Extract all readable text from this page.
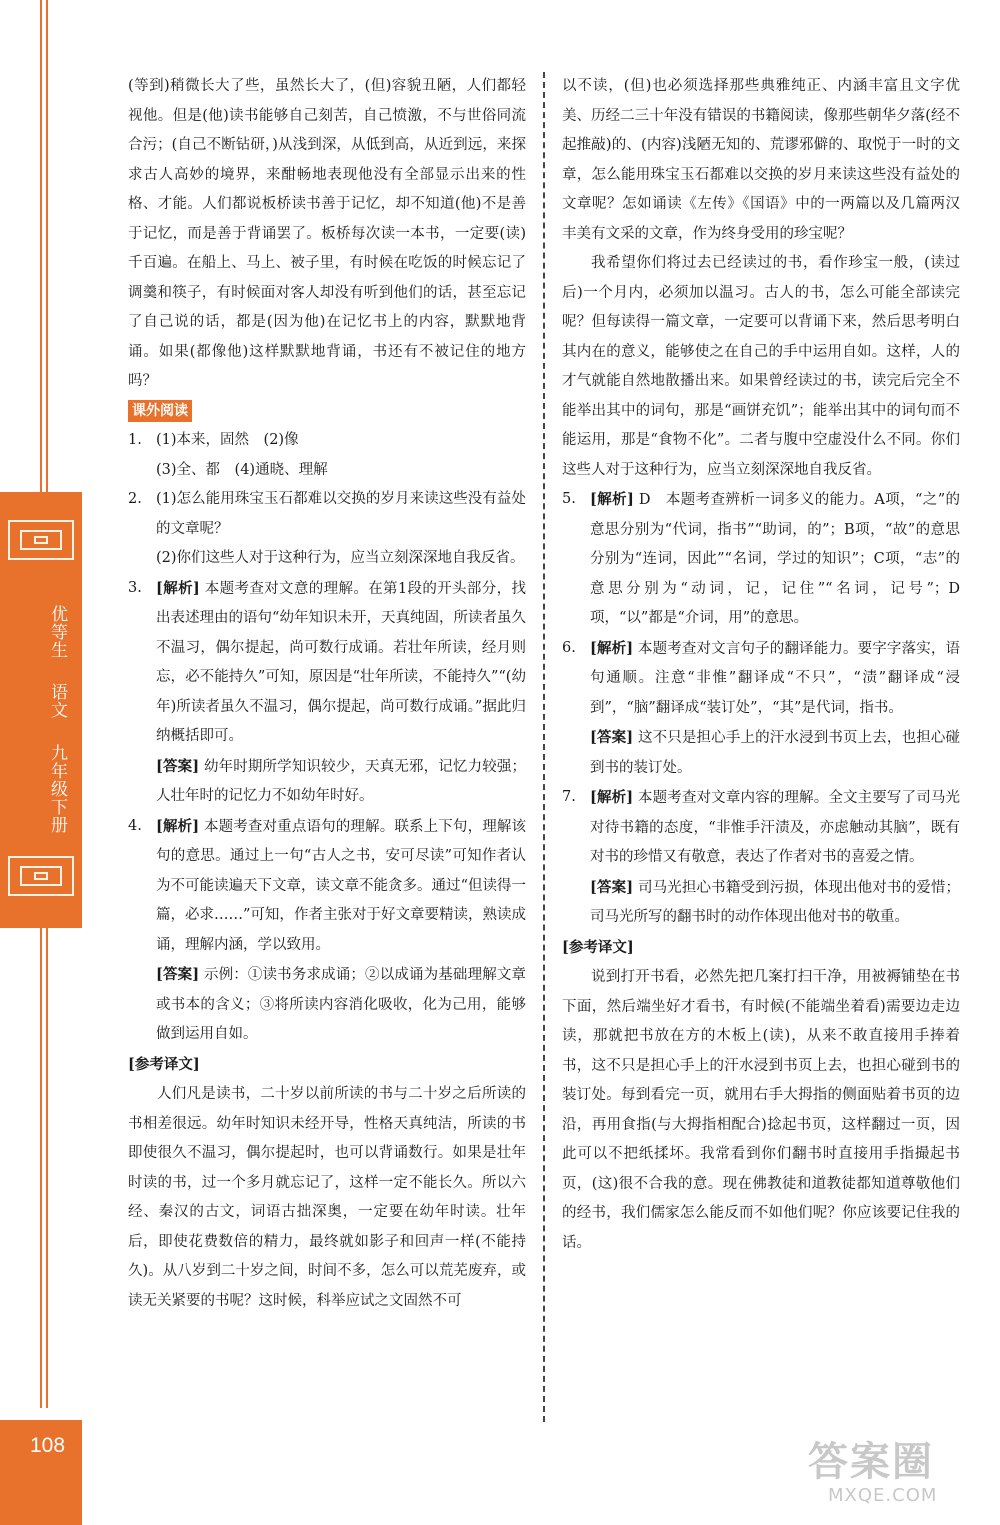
优等生 语文 九年级下册
108

(等到)稍微长大了些，虽然长大了，(但)容貌丑陋，人们都轻视他。但是(他)读书能够自己刻苦，自己愤激，不与世俗同流合污；(自己不断钻研，)从浅到深，从低到高，从近到远，来探求古人高妙的境界，来酣畅地表现他没有全部显示出来的性格、才能。人们都说板桥读书善于记忆，却不知道(他)不是善于记忆，而是善于背诵罢了。板桥每次读一本书，一定要(读)千百遍。在船上、马上、被子里，有时候在吃饭的时候忘记了调羹和筷子，有时候面对客人却没有听到他们的话，甚至忘记了自己说的话，都是(因为他)在记忆书上的内容，默默地背诵。如果(都像他)这样默默地背诵，书还有不被记住的地方吗？

课外阅读
1. (1)本来，固然　(2)像
(3)全、都　(4)通晓、理解
2. (1)怎么能用珠宝玉石都难以交换的岁月来读这些没有益处的文章呢？
(2)你们这些人对于这种行为，应当立刻深深地自我反省。
3. [解析] 本题考查对文意的理解。在第1段的开头部分，找出表述理由的语句“幼年知识未开，天真纯固，所读者虽久不温习，偶尔提起，尚可数行成诵。若壮年所读，经月则忘，必不能持久”可知，原因是“壮年所读，不能持久”“(幼年)所读者虽久不温习，偶尔提起，尚可数行成诵。”据此归纳概括即可。
[答案] 幼年时期所学知识较少，天真无邪，记忆力较强；人壮年时的记忆力不如幼年时好。
4. [解析] 本题考查对重点语句的理解。联系上下句，理解该句的意思。通过上一句“古人之书，安可尽读”可知作者认为不可能读遍天下文章，读文章不能贪多。通过“但读得一篇，必求……”可知，作者主张对于好文章要精读，熟读成诵，理解内涵，学以致用。
[答案] 示例：①读书务求成诵；②以成诵为基础理解文章或书本的含义；③将所读内容消化吸收，化为己用，能够做到运用自如。
[参考译文]

人们凡是读书，二十岁以前所读的书与二十岁之后所读的书相差很远。幼年时知识未经开导，性格天真纯洁，所读的书即使很久不温习，偶尔提起时，也可以背诵数行。如果是壮年时读的书，过一个多月就忘记了，这样一定不能长久。所以六经、秦汉的古文，词语古拙深奥，一定要在幼年时读。壮年后，即使花费数倍的精力，最终就如影子和回声一样(不能持久)。从八岁到二十岁之间，时间不多，怎么可以荒芜废弃，或读无关紧要的书呢？这时候，科举应试之文固然不可

以不读，(但)也必须选择那些典雅纯正、内涵丰富且文字优美、历经二三十年没有错误的书籍阅读，像那些朝华夕落(经不起推敲)的、(内容)浅陋无知的、荒谬邪僻的、取悦于一时的文章，怎么能用珠宝玉石都难以交换的岁月来读这些没有益处的文章呢？怎如诵读《左传》《国语》中的一两篇以及几篇两汉丰美有文采的文章，作为终身受用的珍宝呢？

我希望你们将过去已经读过的书，看作珍宝一般，(读过后)一个月内，必须加以温习。古人的书，怎么可能全部读完呢？但每读得一篇文章，一定要可以背诵下来，然后思考明白其内在的意义，能够使之在自己的手中运用自如。这样，人的才气就能自然地散播出来。如果曾经读过的书，读完后完全不能举出其中的词句，那是“画饼充饥”；能举出其中的词句而不能运用，那是“食物不化”。二者与腹中空虚没什么不同。你们这些人对于这种行为，应当立刻深深地自我反省。

5. [解析] D　本题考查辨析一词多义的能力。A项，“之”的意思分别为“代词，指书”“助词，的”；B项，“故”的意思分别为“连词，因此”“名词，学过的知识”；C项，“志”的意思分别为“动词，记，记住”“名词，记号”；D项，“以”都是“介词，用”的意思。
6. [解析] 本题考查对文言句子的翻译能力。要字字落实，语句通顺。注意“非惟”翻译成“不只”，“渍”翻译成“浸到”，“脑”翻译成“装订处”，“其”是代词，指书。
[答案] 这不只是担心手上的汗水浸到书页上去，也担心碰到书的装订处。
7. [解析] 本题考查对文章内容的理解。全文主要写了司马光对待书籍的态度，“非惟手汗渍及，亦虑触动其脑”，既有对书的珍惜又有敬意，表达了作者对书的喜爱之情。
[答案] 司马光担心书籍受到污损，体现出他对书的爱惜；司马光所写的翻书时的动作体现出他对书的敬重。
[参考译文]

说到打开书看，必然先把几案打扫干净，用被褥铺垫在书下面，然后端坐好才看书，有时候(不能端坐着看)需要边走边读，那就把书放在方的木板上(读)，从来不敢直接用手捧着书，这不只是担心手上的汗水浸到书页上去，也担心碰到书的装订处。每到看完一页，就用右手大拇指的侧面贴着书页的边沿，再用食指(与大拇指相配合)捻起书页，这样翻过一页，因此可以不把纸揉坏。我常看到你们翻书时直接用手指撮起书页，(这)很不合我的意。现在佛教徒和道教徒都知道尊敬他们的经书，我们儒家怎么能反而不如他们呢？你应该要记住我的话。

答案圈
MXQE.COM
